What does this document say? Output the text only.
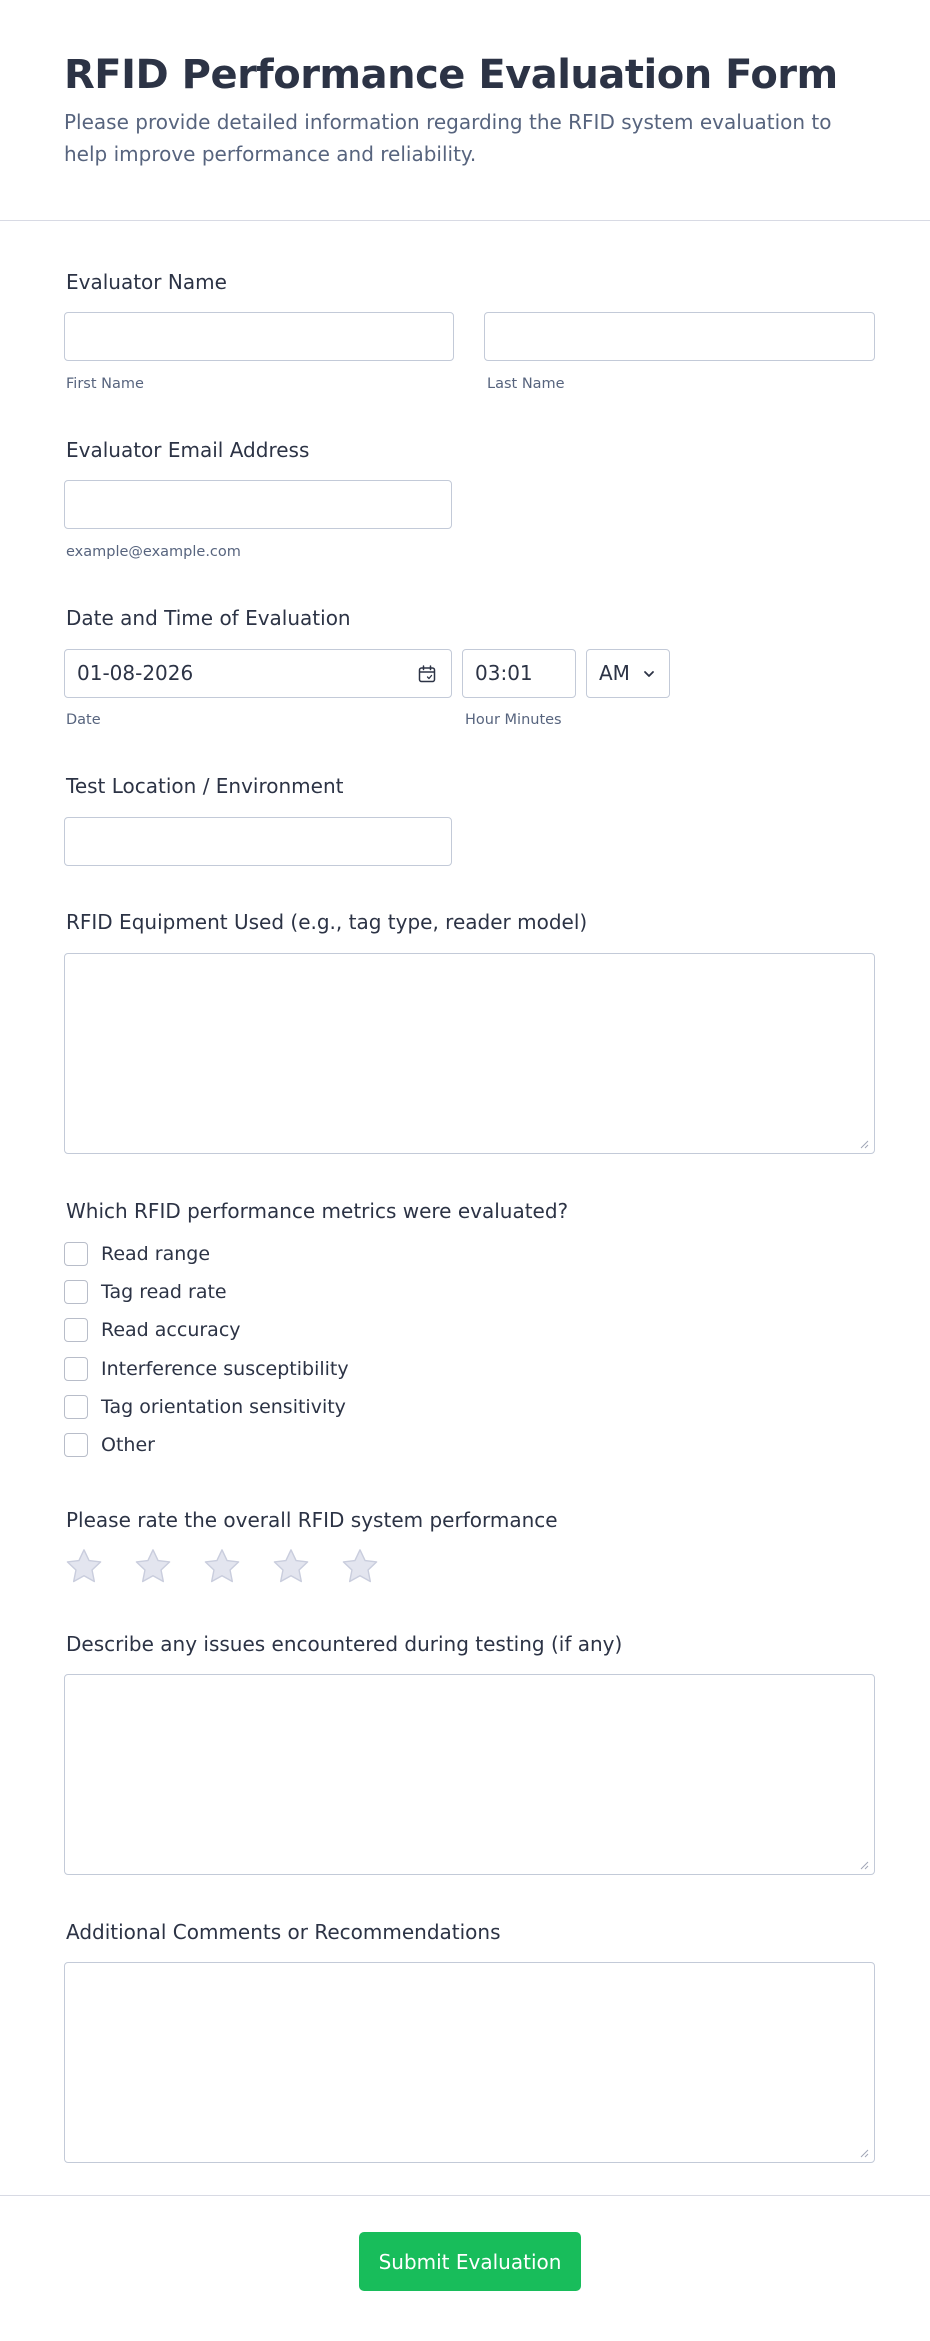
RFID Performance Evaluation Form
Please provide detailed information regarding the RFID system evaluation to help improve performance and reliability.
Evaluator Name
First Name	Last Name
Evaluator Email Address
example@example.com
Date and Time of Evaluation
01-08-2026	03:01	AM
Date	Hour Minutes
Test Location / Environment
RFID Equipment Used (e.g., tag type, reader model)
Which RFID performance metrics were evaluated?
Read range
Tag read rate
Read accuracy
Interference susceptibility
Tag orientation sensitivity
Other
Please rate the overall RFID system performance
Describe any issues encountered during testing (if any)
Additional Comments or Recommendations
Submit Evaluation
